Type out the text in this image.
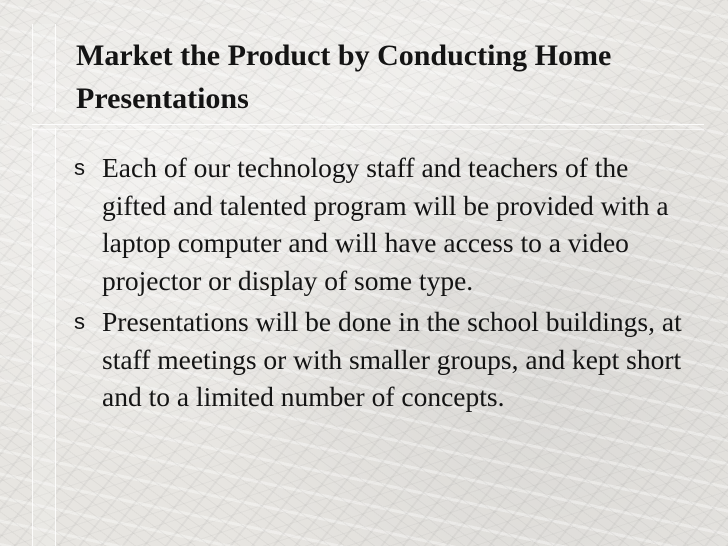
Market the Product by Conducting Home Presentations
s Each of our technology staff and teachers of the gifted and talented program will be provided with a laptop computer and will have access to a video projector or display of some type.
s Presentations will be done in the school buildings, at staff meetings or with smaller groups, and kept short and to a limited number of concepts.
